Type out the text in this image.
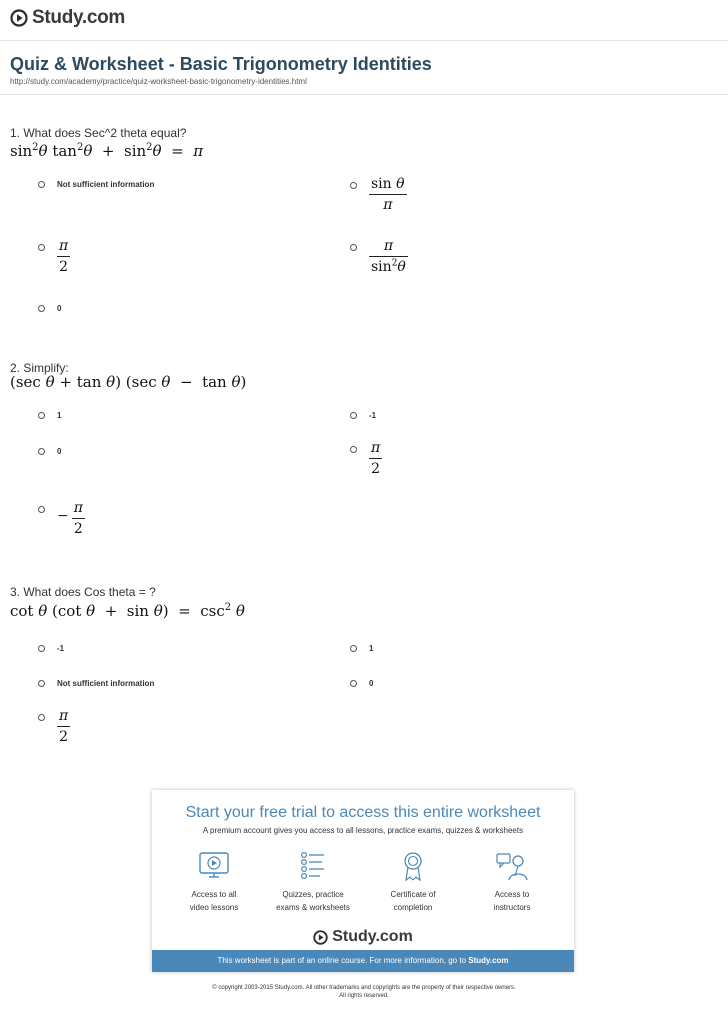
Study.com
Quiz & Worksheet - Basic Trigonometry Identities
http://study.com/academy/practice/quiz-worksheet-basic-trigonometry-identities.html
1. What does Sec^2 theta equal?
$\sin^2\theta$ $\tan^2\theta + \sin^2\theta = \pi$
Not sufficient information	$\frac{\text{sin θ}}{\pi}$
$\frac{\pi}{2}$	$\frac{\pi}{\sin^2\theta}$
0
2. Simplify:
(sec θ + tan θ) (sec θ  −  tan θ)
1	-1
0	$\frac{\pi}{2}$
− $\frac{\pi}{2}$
3. What does Cos theta = ?
cot θ (cot $\theta + \sin \theta) = \csc^2 \theta$
-1	1
Not sufficient information	0
$\frac{\pi}{2}$
Start your free trial to access this entire worksheet
A premium account gives you access to all lessons, practice exams, quizzes & worksheets
Access to all
video lessons
Quizzes, practice
exams & worksheets
Certificate of
completion
Access to
instructors
Study.com
This worksheet is part of an online course. For more information, go to Study.com
© copyright 2003-2015 Study.com. All other trademarks and copyrights are the property of their respective owners.
All rights reserved.
